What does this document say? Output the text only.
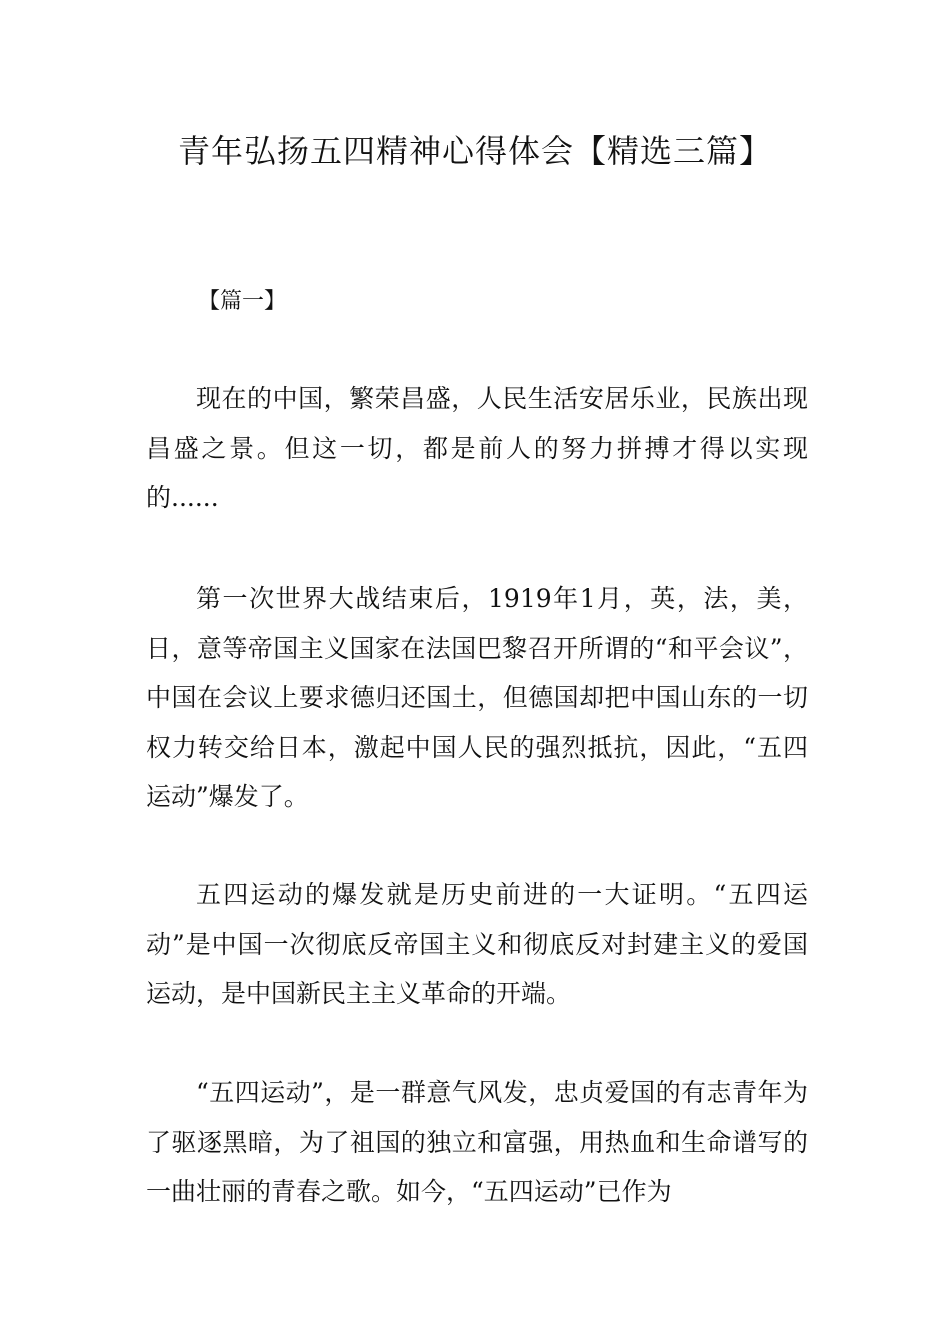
青年弘扬五四精神心得体会【精选三篇】

【篇一】

现在的中国，繁荣昌盛，人民生活安居乐业，民族出现昌盛之景。但这一切，都是前人的努力拼搏才得以实现的......

第一次世界大战结束后，1919年1月，英，法，美，日，意等帝国主义国家在法国巴黎召开所谓的“和平会议”，中国在会议上要求德归还国土，但德国却把中国山东的一切权力转交给日本，激起中国人民的强烈抵抗，因此，“五四运动”爆发了。

五四运动的爆发就是历史前进的一大证明。“五四运动”是中国一次彻底反帝国主义和彻底反对封建主义的爱国运动，是中国新民主主义革命的开端。

“五四运动”，是一群意气风发，忠贞爱国的有志青年为了驱逐黑暗，为了祖国的独立和富强，用热血和生命谱写的一曲壮丽的青春之歌。如今，“五四运动”已作为
